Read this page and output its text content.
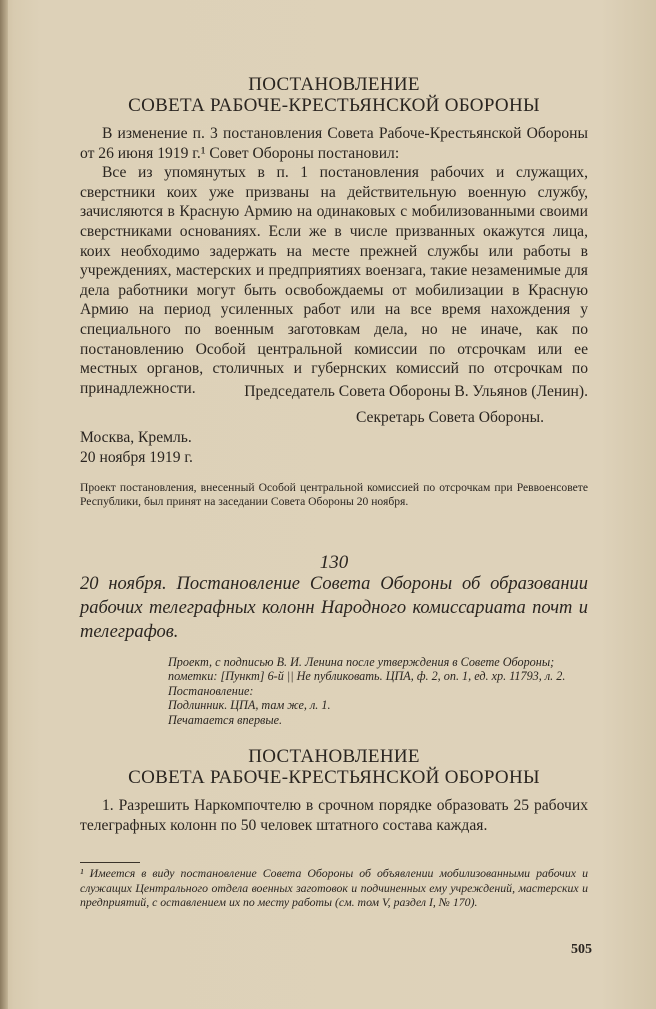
ПОСТАНОВЛЕНИЕ
СОВЕТА РАБОЧЕ-КРЕСТЬЯНСКОЙ ОБОРОНЫ

В изменение п. 3 постановления Совета Рабоче-Крестьянской Обороны от 26 июня 1919 г.¹ Совет Обороны постановил:

Все из упомянутых в п. 1 постановления рабочих и служащих, сверстники коих уже призваны на действительную военную службу, зачисляются в Красную Армию на одинаковых с мобилизованными своими сверстниками основаниях. Если же в числе призванных окажутся лица, коих необходимо задержать на месте прежней службы или работы в учреждениях, мастерских и предприятиях воензага, такие незаменимые для дела работники могут быть освобождаемы от мобилизации в Красную Армию на период усиленных работ или на все время нахождения у специального по военным заготовкам дела, но не иначе, как по постановлению Особой центральной комиссии по отсрочкам или ее местных органов, столичных и губернских комиссий по отсрочкам по принадлежности.	Председатель Совета Обороны В. Ульянов (Ленин).
Секретарь Совета Обороны.
Москва, Кремль.
20 ноября 1919 г.
Проект постановления, внесенный Особой центральной комиссией по отсрочкам при Реввоенсовете Республики, был принят на заседании Совета Обороны 20 ноября.
130
20 ноября. Постановление Совета Обороны об образовании рабочих телеграфных колонн Народного комиссариата почт и телеграфов.
Проект, с подписью В. И. Ленина после утверждения в Совете Обороны; пометки: [Пункт] 6-й || Не публиковать. ЦПА, ф. 2, оп. 1, ед. хр. 11793, л. 2.
Постановление:
Подлинник. ЦПА, там же, л. 1.
Печатается впервые.
ПОСТАНОВЛЕНИЕ
СОВЕТА РАБОЧЕ-КРЕСТЬЯНСКОЙ ОБОРОНЫ

1. Разрешить Наркомпочтелю в срочном порядке образовать 25 рабочих телеграфных колонн по 50 человек штатного состава каждая.

¹ Имеется в виду постановление Совета Обороны об объявлении мобилизованными рабочих и служащих Центрального отдела военных заготовок и подчиненных ему учреждений, мастерских и предприятий, с оставлением их по месту работы (см. том V, раздел I, № 170).
505
